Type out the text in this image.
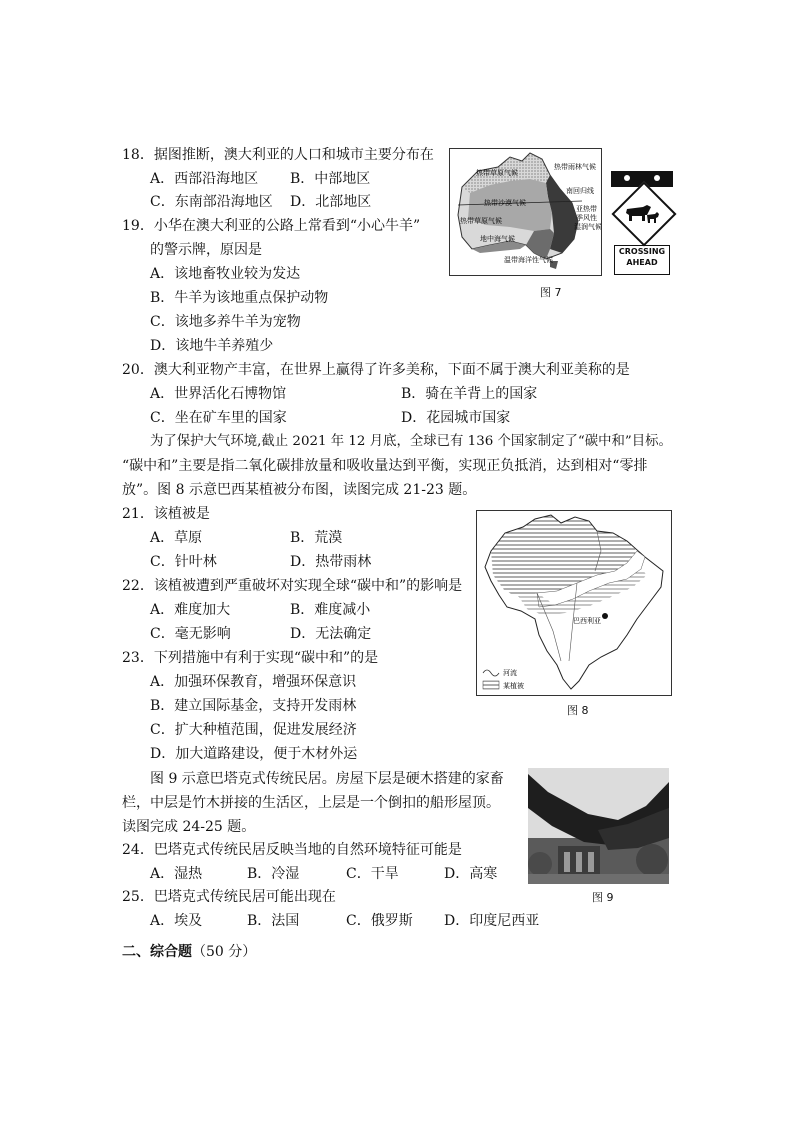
18．据图推断，澳大利亚的人口和城市主要分布在
A．西部沿海地区 B．中部地区
C．东南部沿海地区 D．北部地区
19．小华在澳大利亚的公路上常看到“小心牛羊”
的警示牌，原因是
A．该地畜牧业较为发达
B．牛羊为该地重点保护动物
C．该地多养牛羊为宠物
D．该地牛羊养殖少
热带草原气候
热带雨林气候
南回归线
热带沙漠气候
热带草原气候
亚热带
季风性
湿润气候
地中海气候
温带海洋性气候
CROSSING
AHEAD
图 7
20．澳大利亚物产丰富，在世界上赢得了许多美称，下面不属于澳大利亚美称的是
A．世界活化石博物馆	B．骑在羊背上的国家
C．坐在矿车里的国家	D．花园城市国家
为了保护大气环境,截止 2021 年 12 月底，全球已有 136 个国家制定了“碳中和”目标。
“碳中和”主要是指二氧化碳排放量和吸收量达到平衡，实现正负抵消，达到相对“零排
放”。图 8 示意巴西某植被分布图，读图完成 21-23 题。
21．该植被是
A．草原	B．荒漠
C．针叶林	D．热带雨林
22．该植被遭到严重破坏对实现全球“碳中和”的影响是
A．难度加大	B．难度减小
C．毫无影响	D．无法确定
23．下列措施中有利于实现“碳中和”的是
A．加强环保教育，增强环保意识
B．建立国际基金，支持开发雨林
C．扩大种植范围，促进发展经济
D．加大道路建设，便于木材外运
巴西利亚
河流
某植被
图 8
图 9 示意巴塔克式传统民居。房屋下层是硬木搭建的家畜
栏，中层是竹木拼接的生活区，上层是一个倒扣的船形屋顶。
读图完成 24-25 题。
24．巴塔克式传统民居反映当地的自然环境特征可能是
A．湿热	B．冷湿	C．干旱	D．高寒
25．巴塔克式传统民居可能出现在
A．埃及	B．法国	C．俄罗斯 D．印度尼西亚
图 9
二、综合题（50 分）
